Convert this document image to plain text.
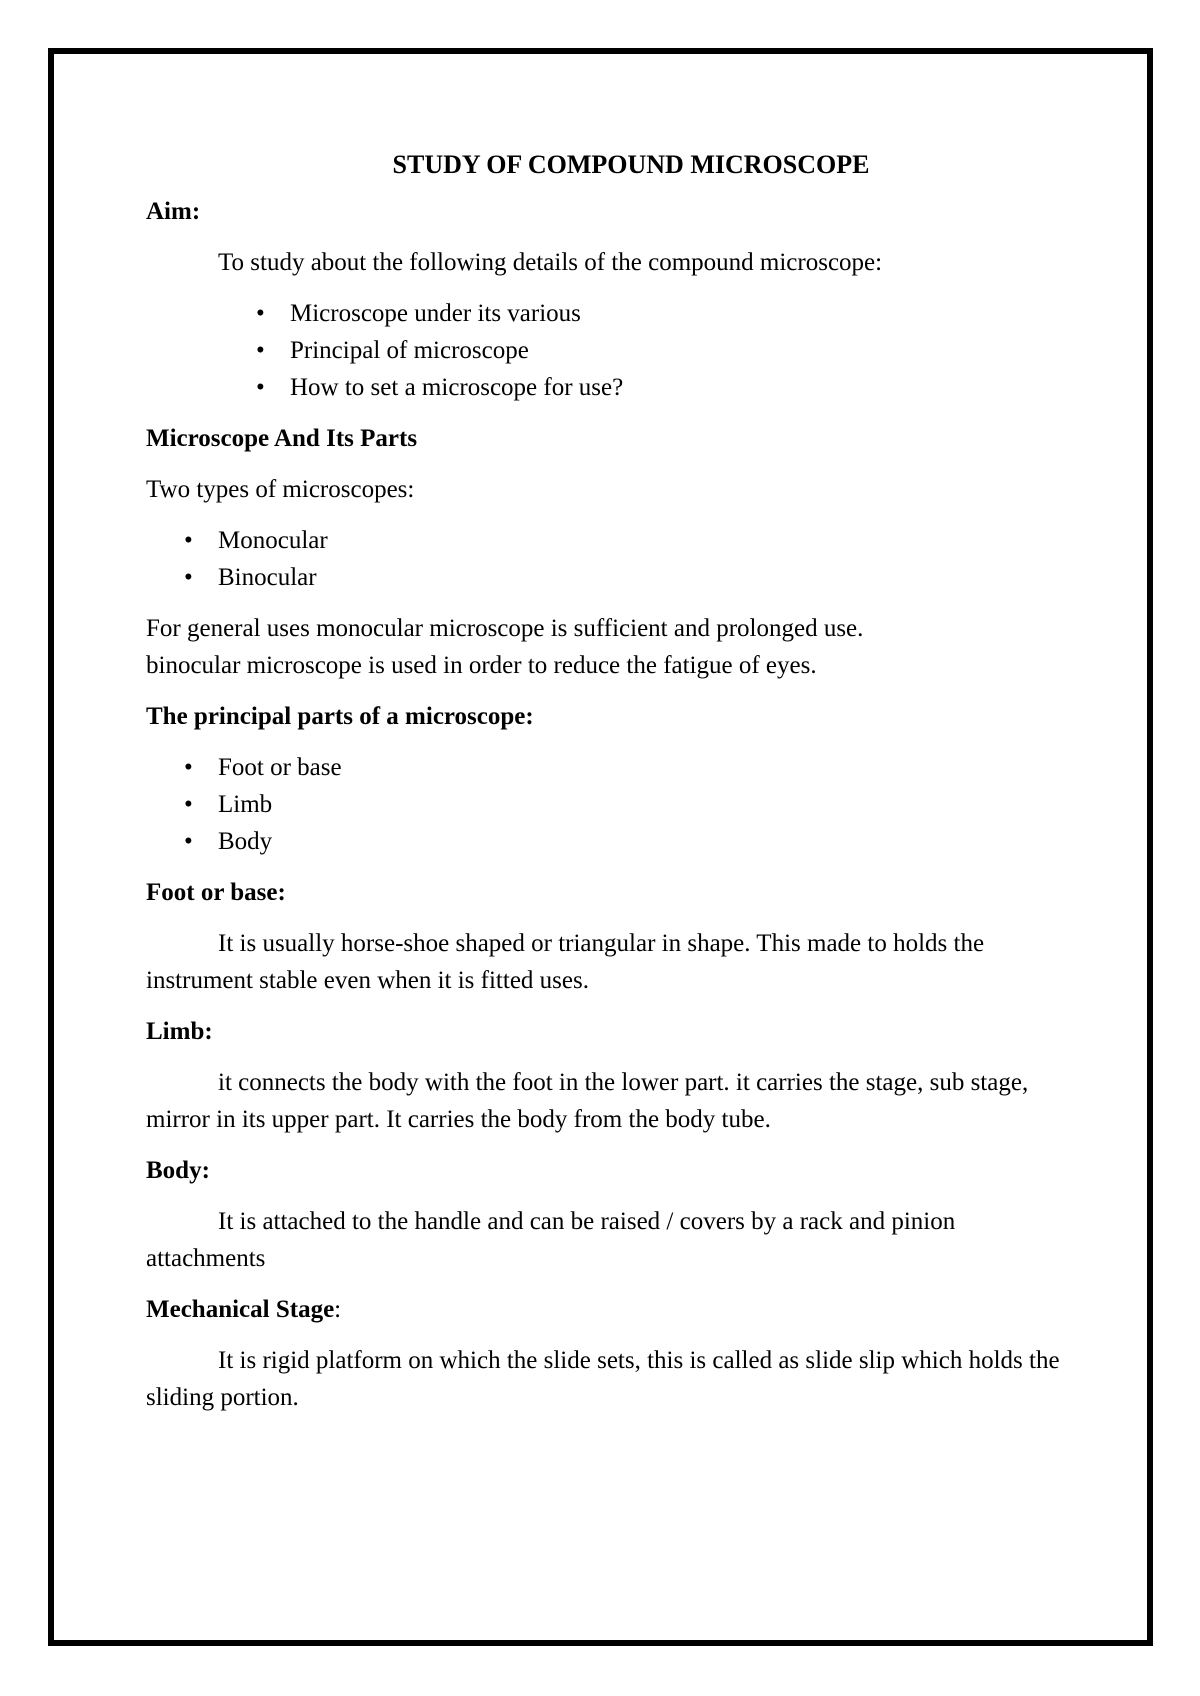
STUDY OF COMPOUND MICROSCOPE
Aim:
To study about the following details of the compound microscope:
• Microscope under its various
• Principal of microscope
• How to set a microscope for use?
Microscope And Its Parts
Two types of microscopes:
• Monocular
• Binocular
For general uses monocular microscope is sufficient and prolonged use.
binocular microscope is used in order to reduce the fatigue of eyes.
The principal parts of a microscope:
• Foot or base
• Limb
• Body
Foot or base:
It is usually horse-shoe shaped or triangular in shape. This made to holds the instrument stable even when it is fitted uses.
Limb:
it connects the body with the foot in the lower part. it carries the stage, sub stage, mirror in its upper part. It carries the body from the body tube.
Body:
It is attached to the handle and can be raised / covers by a rack and pinion attachments
Mechanical Stage:
It is rigid platform on which the slide sets, this is called as slide slip which holds the sliding portion.
